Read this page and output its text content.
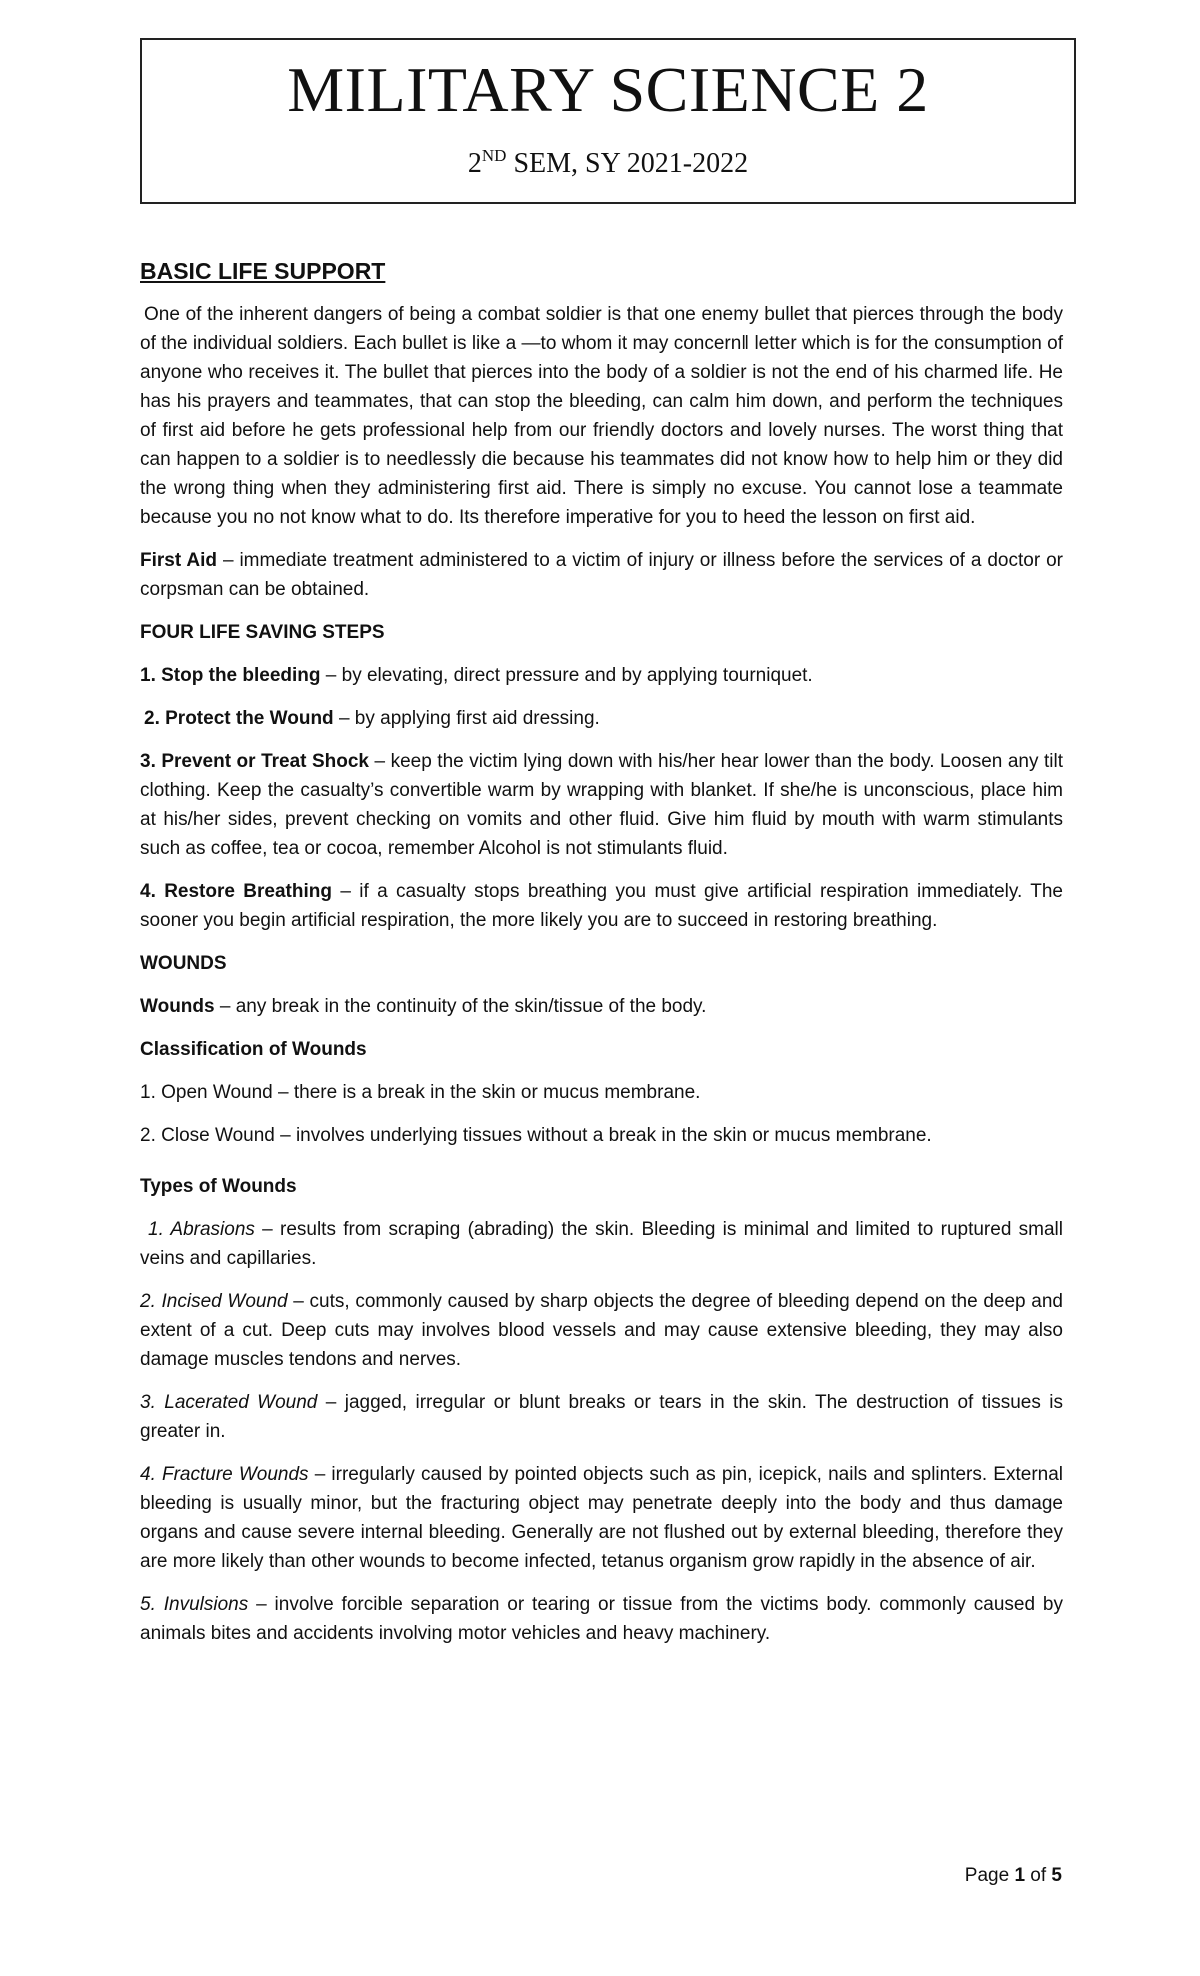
MILITARY SCIENCE 2
2ND SEM, SY 2021-2022
BASIC LIFE SUPPORT

One of the inherent dangers of being a combat soldier is that one enemy bullet that pierces through the body of the individual soldiers. Each bullet is like a —to whom it may concern‖ letter which is for the consumption of anyone who receives it. The bullet that pierces into the body of a soldier is not the end of his charmed life. He has his prayers and teammates, that can stop the bleeding, can calm him down, and perform the techniques of first aid before he gets professional help from our friendly doctors and lovely nurses. The worst thing that can happen to a soldier is to needlessly die because his teammates did not know how to help him or they did the wrong thing when they administering first aid. There is simply no excuse. You cannot lose a teammate because you no not know what to do. Its therefore imperative for you to heed the lesson on first aid.

First Aid – immediate treatment administered to a victim of injury or illness before the services of a doctor or corpsman can be obtained.

FOUR LIFE SAVING STEPS

1. Stop the bleeding – by elevating, direct pressure and by applying tourniquet.

2. Protect the Wound – by applying first aid dressing.

3. Prevent or Treat Shock – keep the victim lying down with his/her hear lower than the body. Loosen any tilt clothing. Keep the casualty’s convertible warm by wrapping with blanket. If she/he is unconscious, place him at his/her sides, prevent checking on vomits and other fluid. Give him fluid by mouth with warm stimulants such as coffee, tea or cocoa, remember Alcohol is not stimulants fluid.

4. Restore Breathing – if a casualty stops breathing you must give artificial respiration immediately. The sooner you begin artificial respiration, the more likely you are to succeed in restoring breathing.

WOUNDS

Wounds – any break in the continuity of the skin/tissue of the body.

Classification of Wounds

1. Open Wound – there is a break in the skin or mucus membrane.

2. Close Wound – involves underlying tissues without a break in the skin or mucus membrane.

Types of Wounds

1. Abrasions – results from scraping (abrading) the skin. Bleeding is minimal and limited to ruptured small veins and capillaries.

2. Incised Wound – cuts, commonly caused by sharp objects the degree of bleeding depend on the deep and extent of a cut. Deep cuts may involves blood vessels and may cause extensive bleeding, they may also damage muscles tendons and nerves.

3. Lacerated Wound – jagged, irregular or blunt breaks or tears in the skin. The destruction of tissues is greater in.

4. Fracture Wounds – irregularly caused by pointed objects such as pin, icepick, nails and splinters. External bleeding is usually minor, but the fracturing object may penetrate deeply into the body and thus damage organs and cause severe internal bleeding. Generally are not flushed out by external bleeding, therefore they are more likely than other wounds to become infected, tetanus organism grow rapidly in the absence of air.

5. Invulsions – involve forcible separation or tearing or tissue from the victims body. commonly caused by animals bites and accidents involving motor vehicles and heavy machinery.

Page 1 of 5
